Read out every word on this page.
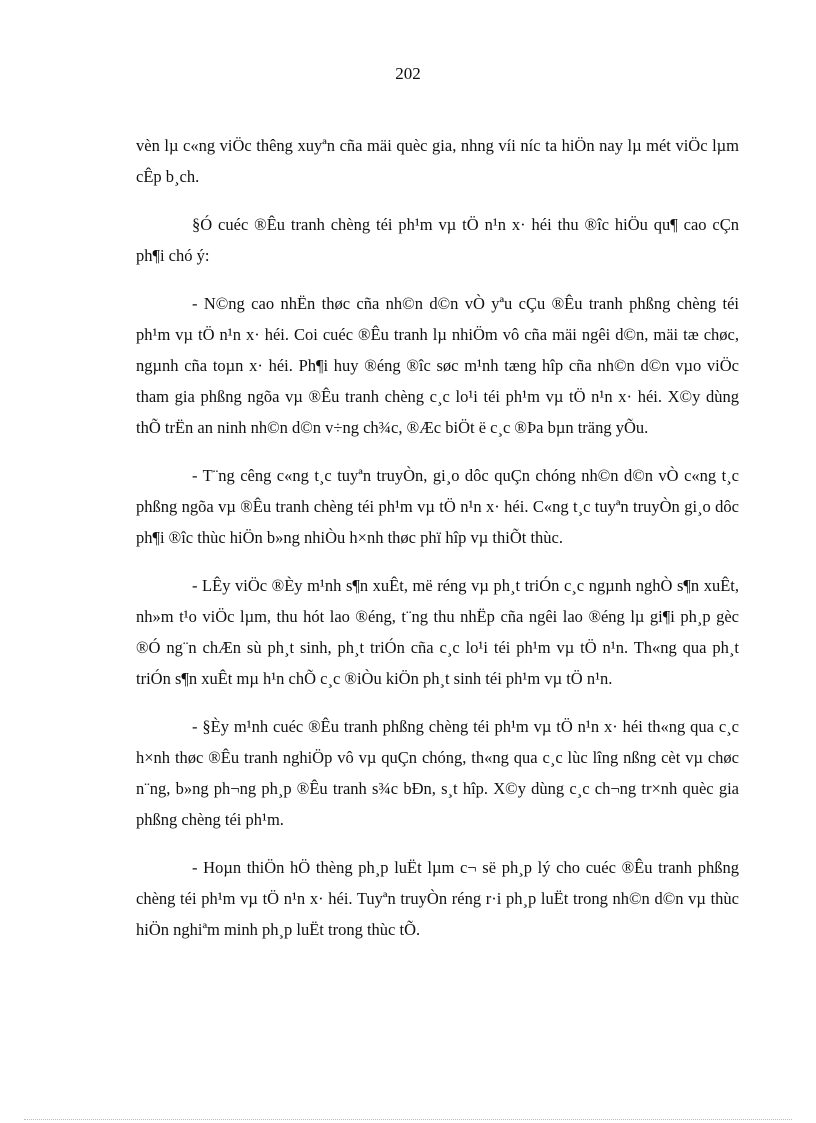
202

vèn lµ c«ng viÖc thêng xuyªn cña mäi quèc gia, nhng víi níc ta hiÖn nay lµ mét viÖc lµm cÊp b¸ch.

§Ó cuéc ®Êu tranh chèng téi ph¹m vµ tÖ n¹n x· héi thu ®îc hiÖu qu¶ cao cÇn ph¶i chó ý:

- N©ng cao nhËn thøc cña nh©n d©n vÒ yªu cÇu ®Êu tranh phßng chèng téi ph¹m vµ tÖ n¹n x· héi. Coi cuéc ®Êu tranh lµ nhiÖm vô cña mäi ngêi d©n, mäi tæ chøc, ngµnh cña toµn x· héi. Ph¶i huy ®éng ®îc søc m¹nh tæng hîp cña nh©n d©n vµo viÖc tham gia phßng ngõa vµ ®Êu tranh chèng c¸c lo¹i téi ph¹m vµ tÖ n¹n x· héi. X©y dùng thÕ trËn an ninh nh©n d©n v÷ng ch¾c, ®Æc biÖt ë c¸c ®Þa bµn träng yÕu.

- T¨ng cêng c«ng t¸c tuyªn truyÒn, gi¸o dôc quÇn chóng nh©n d©n vÒ c«ng t¸c phßng ngõa vµ ®Êu tranh chèng téi ph¹m vµ tÖ n¹n x· héi. C«ng t¸c tuyªn truyÒn gi¸o dôc ph¶i ®îc thùc hiÖn b»ng nhiÒu h×nh thøc phï hîp vµ thiÕt thùc.

- LÊy viÖc ®Èy m¹nh s¶n xuÊt, më réng vµ ph¸t triÓn c¸c ngµnh nghÒ s¶n xuÊt, nh»m t¹o viÖc lµm, thu hót lao ®éng, t¨ng thu nhËp cña ngêi lao ®éng lµ gi¶i ph¸p gèc ®Ó ng¨n chÆn sù ph¸t sinh, ph¸t triÓn cña c¸c lo¹i téi ph¹m vµ tÖ n¹n. Th«ng qua ph¸t triÓn s¶n xuÊt mµ h¹n chÕ c¸c ®iÒu kiÖn ph¸t sinh téi ph¹m vµ tÖ n¹n.

- §Èy m¹nh cuéc ®Êu tranh phßng chèng téi ph¹m vµ tÖ n¹n x· héi th«ng qua c¸c h×nh thøc ®Êu tranh nghiÖp vô vµ quÇn chóng, th«ng qua c¸c lùc lîng nßng cèt vµ chøc n¨ng, b»ng ph¬ng ph¸p ®Êu tranh s¾c bÐn, s¸t hîp. X©y dùng c¸c ch¬ng tr×nh quèc gia phßng chèng téi ph¹m.

- Hoµn thiÖn hÖ thèng ph¸p luËt lµm c¬ së ph¸p lý cho cuéc ®Êu tranh phßng chèng téi ph¹m vµ tÖ n¹n x· héi. Tuyªn truyÒn réng r·i ph¸p luËt trong nh©n d©n vµ thùc hiÖn nghiªm minh ph¸p luËt trong thùc tÕ.
